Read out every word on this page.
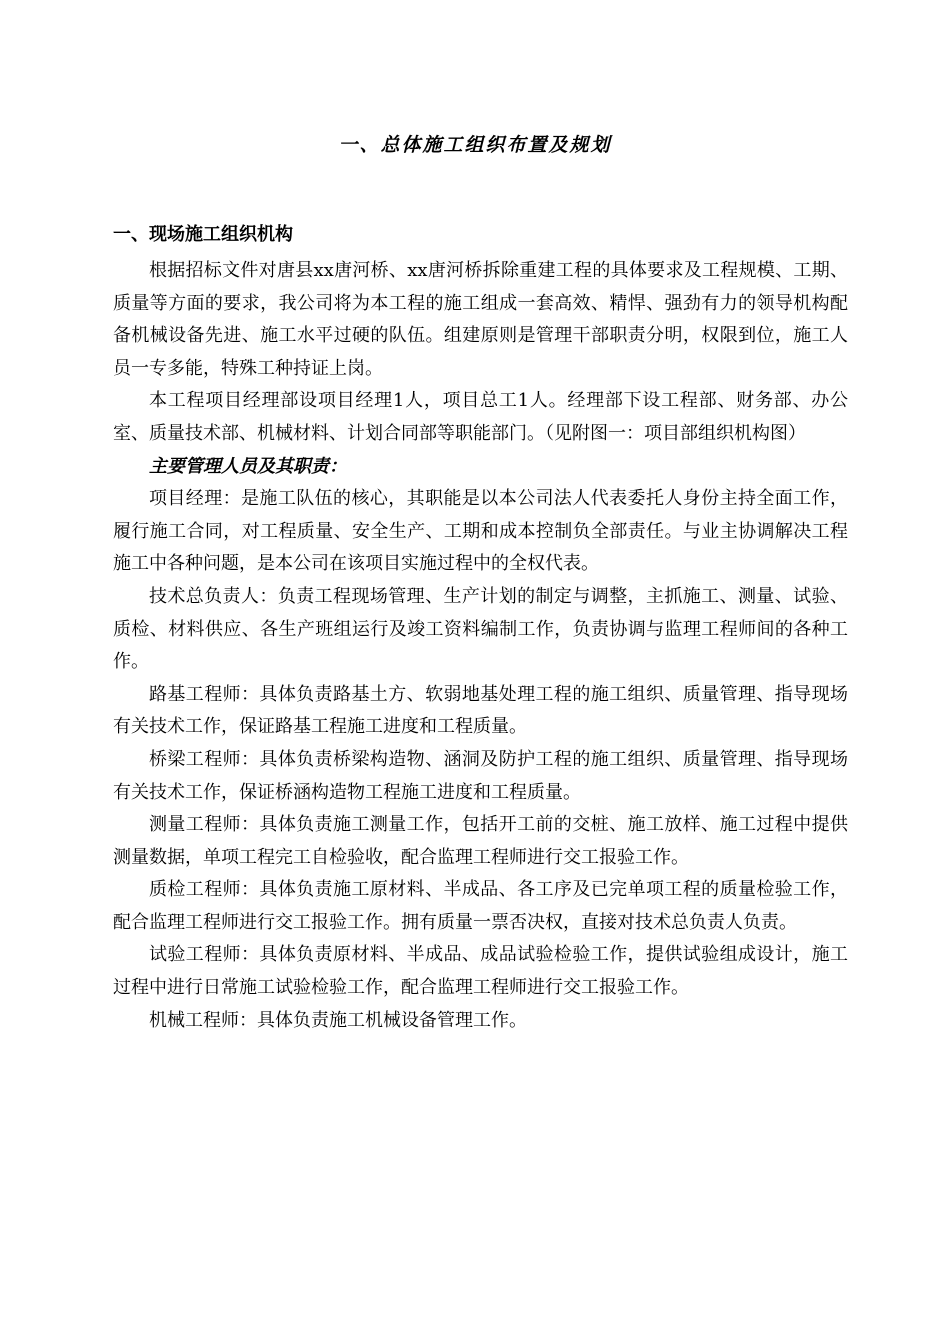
一、总体施工组织布置及规划
一、现场施工组织机构

根据招标文件对唐县xx唐河桥、xx唐河桥拆除重建工程的具体要求及工程规模、工期、质量等方面的要求，我公司将为本工程的施工组成一套高效、精悍、强劲有力的领导机构配备机械设备先进、施工水平过硬的队伍。组建原则是管理干部职责分明，权限到位，施工人员一专多能，特殊工种持证上岗。

本工程项目经理部设项目经理1人，项目总工1人。经理部下设工程部、财务部、办公室、质量技术部、机械材料、计划合同部等职能部门。（见附图一：项目部组织机构图）

主要管理人员及其职责：

项目经理：是施工队伍的核心，其职能是以本公司法人代表委托人身份主持全面工作，履行施工合同，对工程质量、安全生产、工期和成本控制负全部责任。与业主协调解决工程施工中各种问题，是本公司在该项目实施过程中的全权代表。

技术总负责人：负责工程现场管理、生产计划的制定与调整，主抓施工、测量、试验、质检、材料供应、各生产班组运行及竣工资料编制工作，负责协调与监理工程师间的各种工作。

路基工程师：具体负责路基土方、软弱地基处理工程的施工组织、质量管理、指导现场有关技术工作，保证路基工程施工进度和工程质量。

桥梁工程师：具体负责桥梁构造物、涵洞及防护工程的施工组织、质量管理、指导现场有关技术工作，保证桥涵构造物工程施工进度和工程质量。

测量工程师：具体负责施工测量工作，包括开工前的交桩、施工放样、施工过程中提供测量数据，单项工程完工自检验收，配合监理工程师进行交工报验工作。

质检工程师：具体负责施工原材料、半成品、各工序及已完单项工程的质量检验工作，配合监理工程师进行交工报验工作。拥有质量一票否决权，直接对技术总负责人负责。

试验工程师：具体负责原材料、半成品、成品试验检验工作，提供试验组成设计，施工过程中进行日常施工试验检验工作，配合监理工程师进行交工报验工作。

机械工程师：具体负责施工机械设备管理工作。
